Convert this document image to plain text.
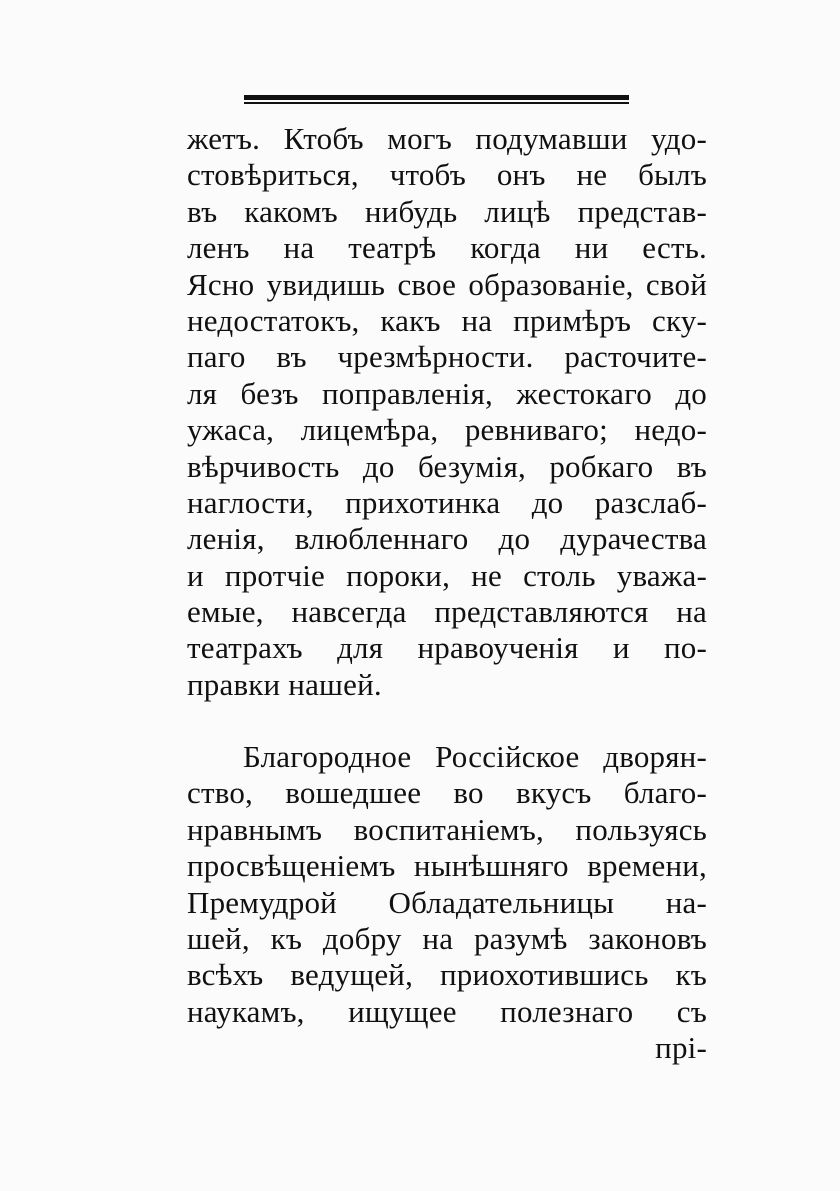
жетъ. Ктобъ могъ подумавши удо-
стовѣриться, чтобъ онъ не былъ
въ какомъ нибудь лицѣ представ-
ленъ на театрѣ когда ни есть.
Ясно увидишь свое образованіе, свой
недостатокъ, какъ на примѣръ ску-
паго въ чрезмѣрности. расточите-
ля безъ поправленія, жестокаго до
ужаса, лицемѣра, ревниваго; недо-
вѣрчивость до безумія, робкаго въ
наглости, прихотинка до разслаб-
ленія, влюбленнаго до дурачества
и протчіе пороки, не столь уважа-
емые, навсегда представляются на
театрахъ для нравоученія и по-
правки нашей.
Благородное Россійское дворян-
ство, вошедшее во вкусъ благо-
нравнымъ воспитаніемъ, пользуясь
просвѣщеніемъ нынѣшняго времени,
Премудрой Обладательницы на-
шей, къ добру на разумѣ законовъ
всѣхъ ведущей, приохотившись къ
наукамъ, ищущее полезнаго съ
прі-
